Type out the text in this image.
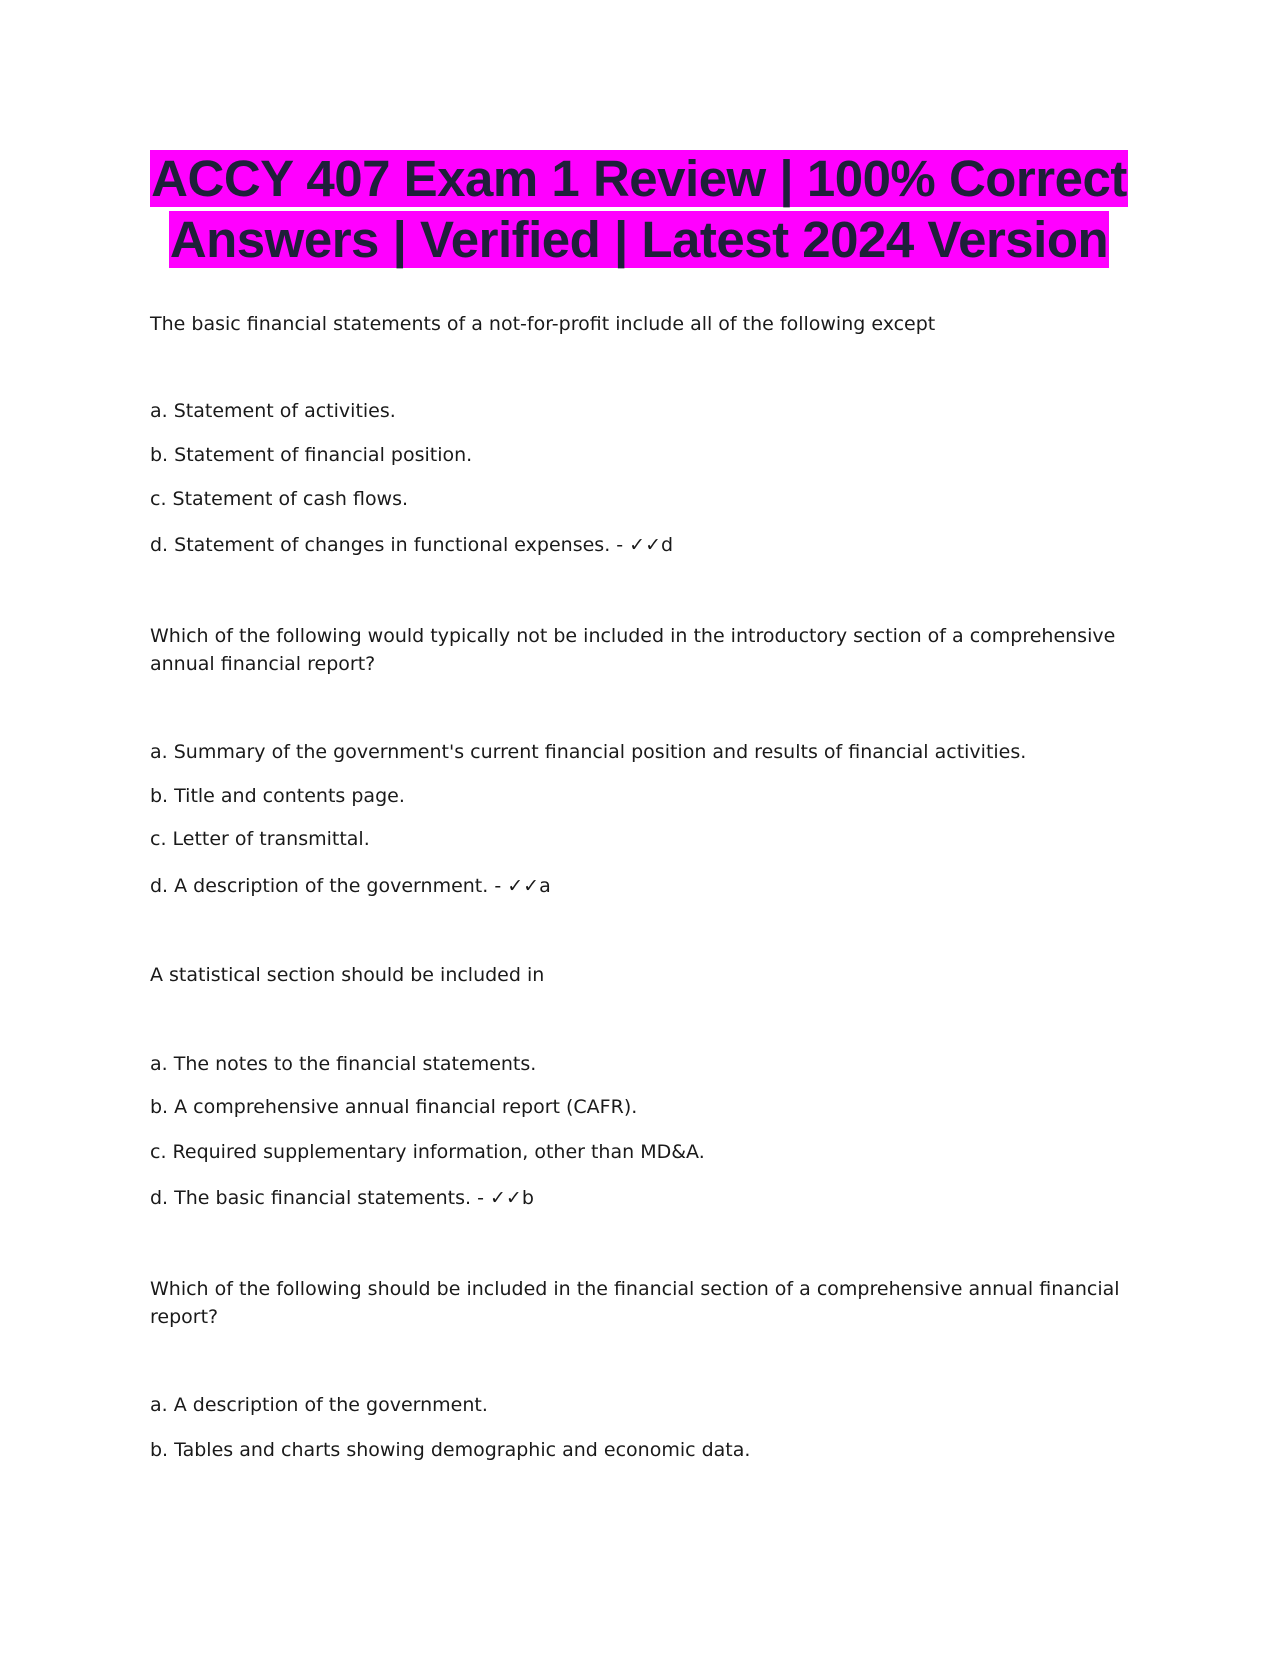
ACCY 407 Exam 1 Review | 100% Correct
Answers | Verified | Latest 2024 Version

The basic financial statements of a not-for-profit include all of the following except

a. Statement of activities.

b. Statement of financial position.

c. Statement of cash flows.

d. Statement of changes in functional expenses. - ✓✓d

Which of the following would typically not be included in the introductory section of a comprehensive annual financial report?

a. Summary of the government's current financial position and results of financial activities.

b. Title and contents page.

c. Letter of transmittal.

d. A description of the government. - ✓✓a

A statistical section should be included in

a. The notes to the financial statements.

b. A comprehensive annual financial report (CAFR).

c. Required supplementary information, other than MD&A.

d. The basic financial statements. - ✓✓b

Which of the following should be included in the financial section of a comprehensive annual financial report?

a. A description of the government.

b. Tables and charts showing demographic and economic data.
